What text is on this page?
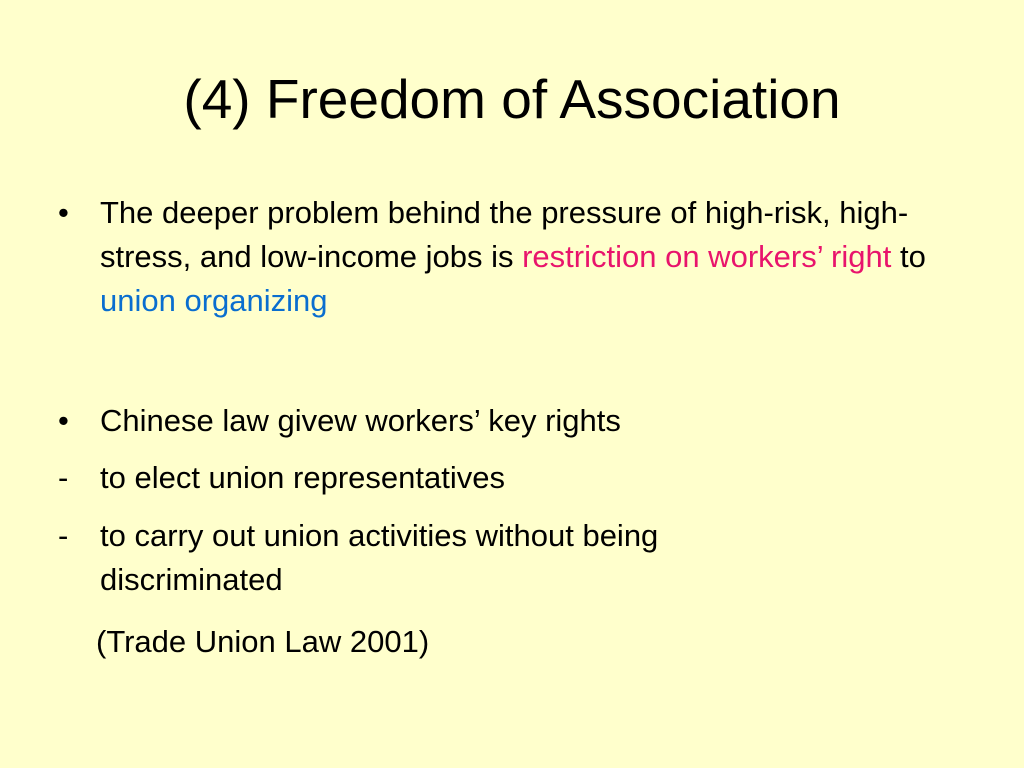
(4) Freedom of Association
•	The deeper problem behind the pressure of high-risk, high-stress, and low-income jobs is restriction on workers’ right to union organizing
•	Chinese law givew workers’ key rights
-	to elect union representatives
-	to carry out union activities without being discriminated
(Trade Union Law 2001)
